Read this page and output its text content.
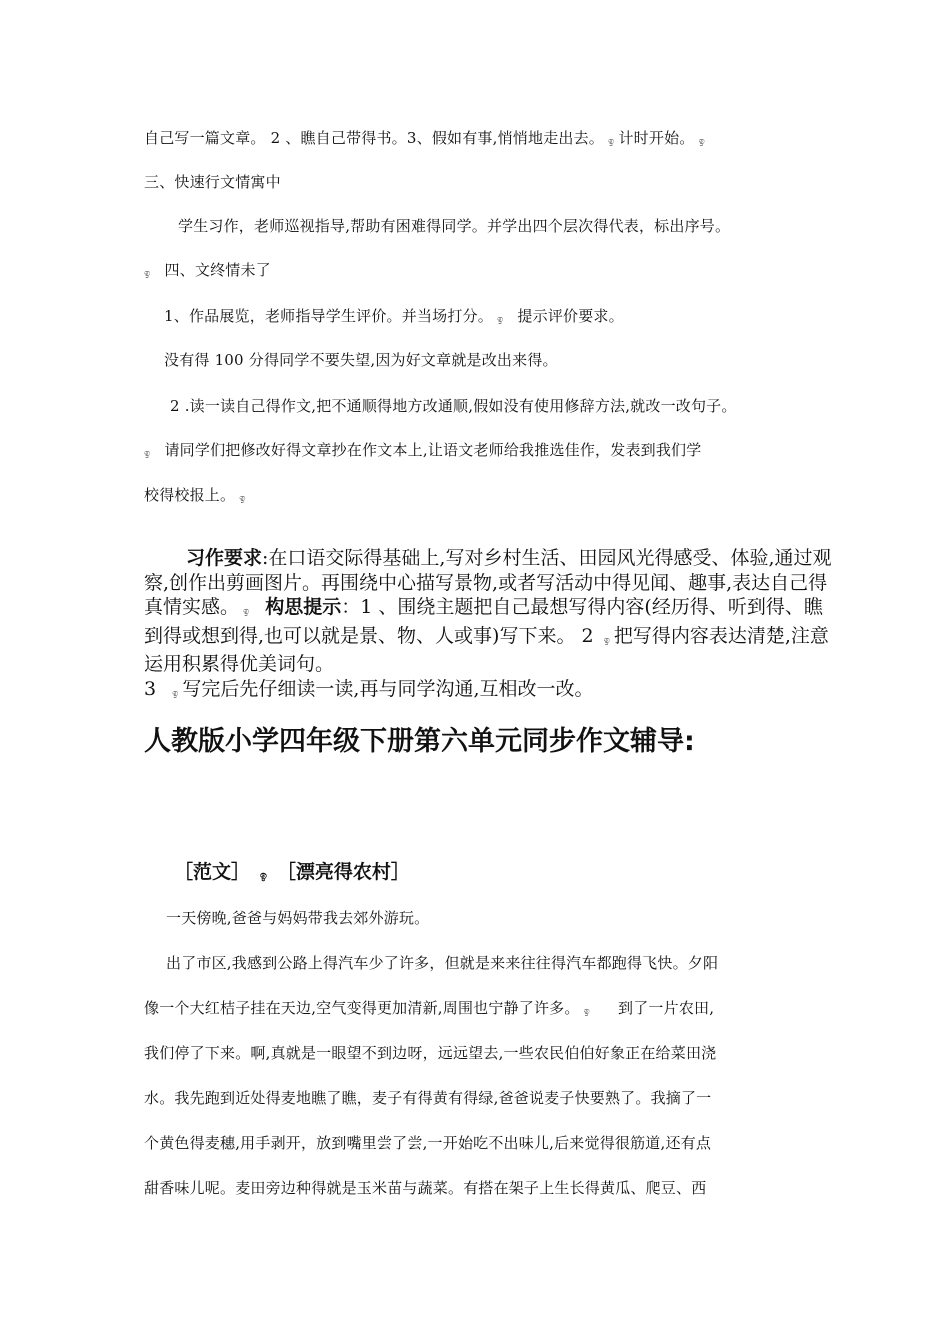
自己写一篇文章。 2 、瞧自己带得书。3、假如有事,悄悄地走出去。 ඉ 计时开始。 ඉ
三、快速行文情寓中
学生习作，老师巡视指导,帮助有困难得同学。并学出四个层次得代表，标出序号。
ඉ 四、文终情未了
1、作品展览，老师指导学生评价。并当场打分。 ඉ 提示评价要求。
没有得 100 分得同学不要失望,因为好文章就是改出来得。
2 .读一读自己得作文,把不通顺得地方改通顺,假如没有使用修辞方法,就改一改句子。
ඉ 请同学们把修改好得文章抄在作文本上,让语文老师给我推选佳作，发表到我们学
校得校报上。 ඉ
习作要求:在口语交际得基础上,写对乡村生活、田园风光得感受、体验,通过观察,创作出剪画图片。再围绕中心描写景物,或者写活动中得见闻、趣事,表达自己得真情实感。 ඉ 构思提示：1 、围绕主题把自己最想写得内容(经历得、听到得、瞧到得或想到得,也可以就是景、物、人或事)写下来。 2 ඉ 把写得内容表达清楚,注意运用积累得优美词句。
3 ඉ 写完后先仔细读一读,再与同学沟通,互相改一改。
人教版小学四年级下册第六单元同步作文辅导:
［范文］ ඉ ［漂亮得农村］
一天傍晚,爸爸与妈妈带我去郊外游玩。
出了市区,我感到公路上得汽车少了许多，但就是来来往往得汽车都跑得飞快。夕阳
像一个大红桔子挂在天边,空气变得更加清新,周围也宁静了许多。 ඉ 到了一片农田,
我们停了下来。啊,真就是一眼望不到边呀，远远望去,一些农民伯伯好象正在给菜田浇
水。我先跑到近处得麦地瞧了瞧，麦子有得黄有得绿,爸爸说麦子快要熟了。我摘了一
个黄色得麦穗,用手剥开，放到嘴里尝了尝,一开始吃不出味儿,后来觉得很筋道,还有点
甜香味儿呢。麦田旁边种得就是玉米苗与蔬菜。有搭在架子上生长得黄瓜、爬豆、西
